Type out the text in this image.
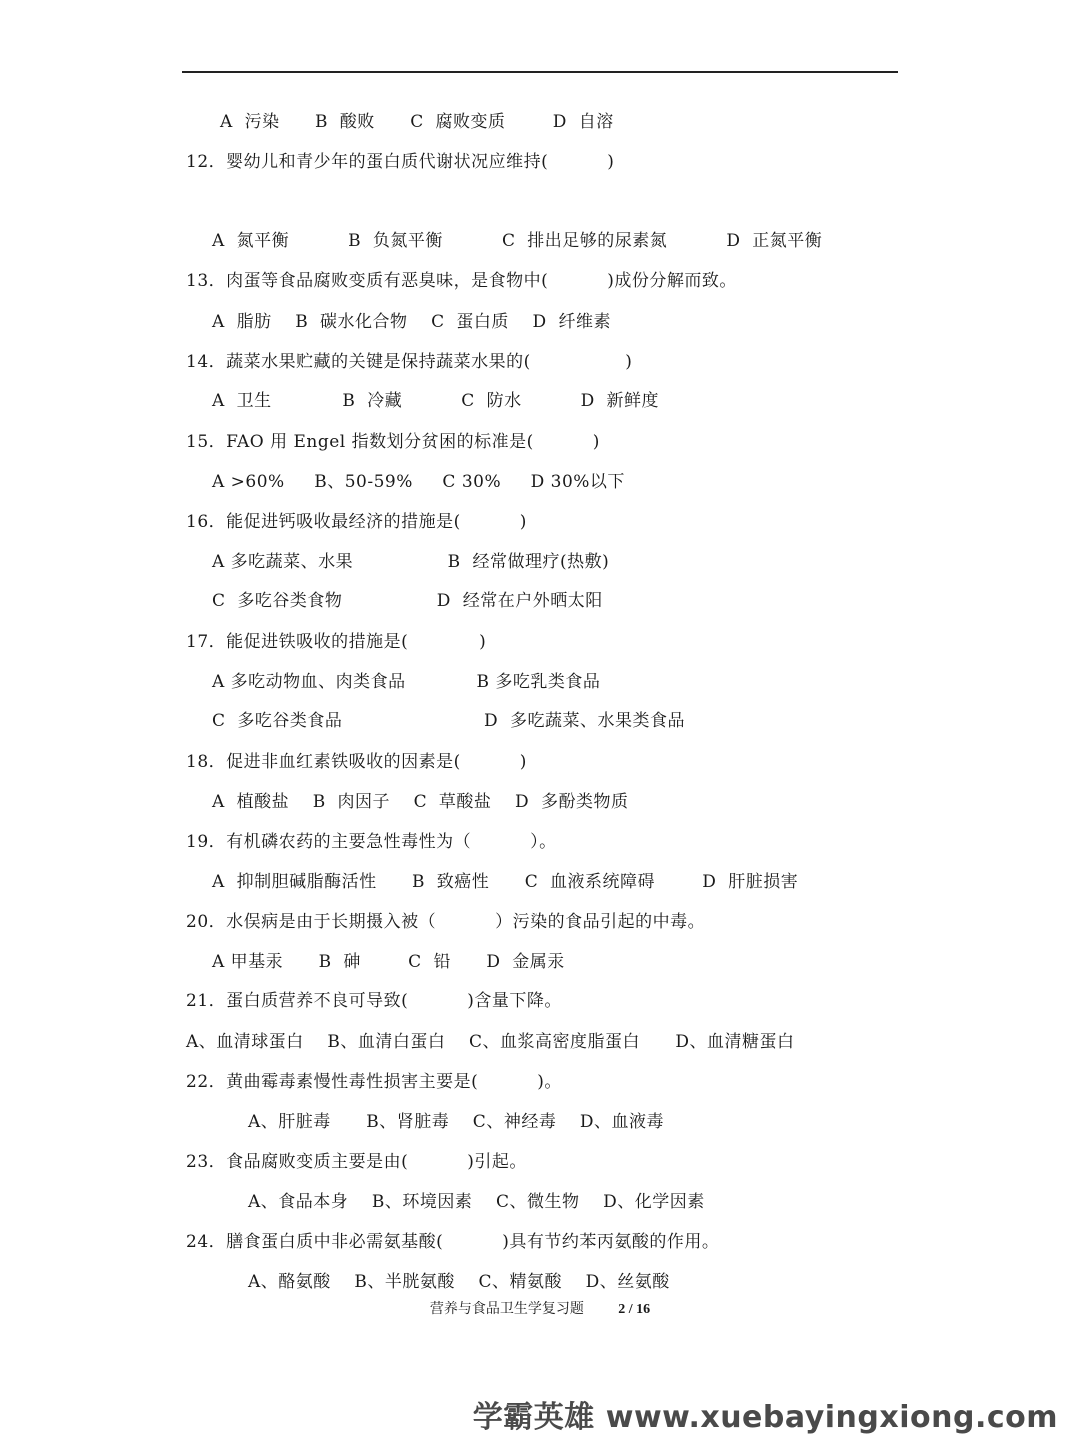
A  污染      B  酸败      C  腐败变质        D  自溶
12．婴幼儿和青少年的蛋白质代谢状况应维持(          )
A  氮平衡          B  负氮平衡          C  排出足够的尿素氮          D  正氮平衡
13．肉蛋等食品腐败变质有恶臭味，是食物中(          )成份分解而致。
A  脂肪    B  碳水化合物    C  蛋白质    D  纤维素
14．蔬菜水果贮藏的关键是保持蔬菜水果的(                )
A  卫生            B  冷藏          C  防水          D  新鲜度
15．FAO 用 Engel 指数划分贫困的标准是(          )
A >60%     B、50-59%     C 30%     D 30%以下
16．能促进钙吸收最经济的措施是(          )
A 多吃蔬菜、水果                B  经常做理疗(热敷)
C  多吃谷类食物                D  经常在户外晒太阳
17．能促进铁吸收的措施是(            )
A 多吃动物血、肉类食品            B 多吃乳类食品
C  多吃谷类食品                        D  多吃蔬菜、水果类食品
18．促进非血红素铁吸收的因素是(          )
A  植酸盐    B  肉因子    C  草酸盐    D  多酚类物质
19．有机磷农药的主要急性毒性为（          ）。
A  抑制胆碱脂酶活性      B  致癌性      C  血液系统障碍        D  肝脏损害
20．水俣病是由于长期摄入被（          ）污染的食品引起的中毒。
A 甲基汞      B  砷        C  铅      D  金属汞
21．蛋白质营养不良可导致(          )含量下降。
A、血清球蛋白    B、血清白蛋白    C、血浆高密度脂蛋白      D、血清糖蛋白
22．黄曲霉毒素慢性毒性损害主要是(          )。
A、肝脏毒      B、肾脏毒    C、神经毒    D、血液毒
23．食品腐败变质主要是由(          )引起。
A、食品本身    B、环境因素    C、微生物    D、化学因素
24．膳食蛋白质中非必需氨基酸(          )具有节约苯丙氨酸的作用。
A、酪氨酸    B、半胱氨酸    C、精氨酸    D、丝氨酸
营养与食品卫生学复习题 2 / 16
学霸英雄 www.xuebayingxiong.com
